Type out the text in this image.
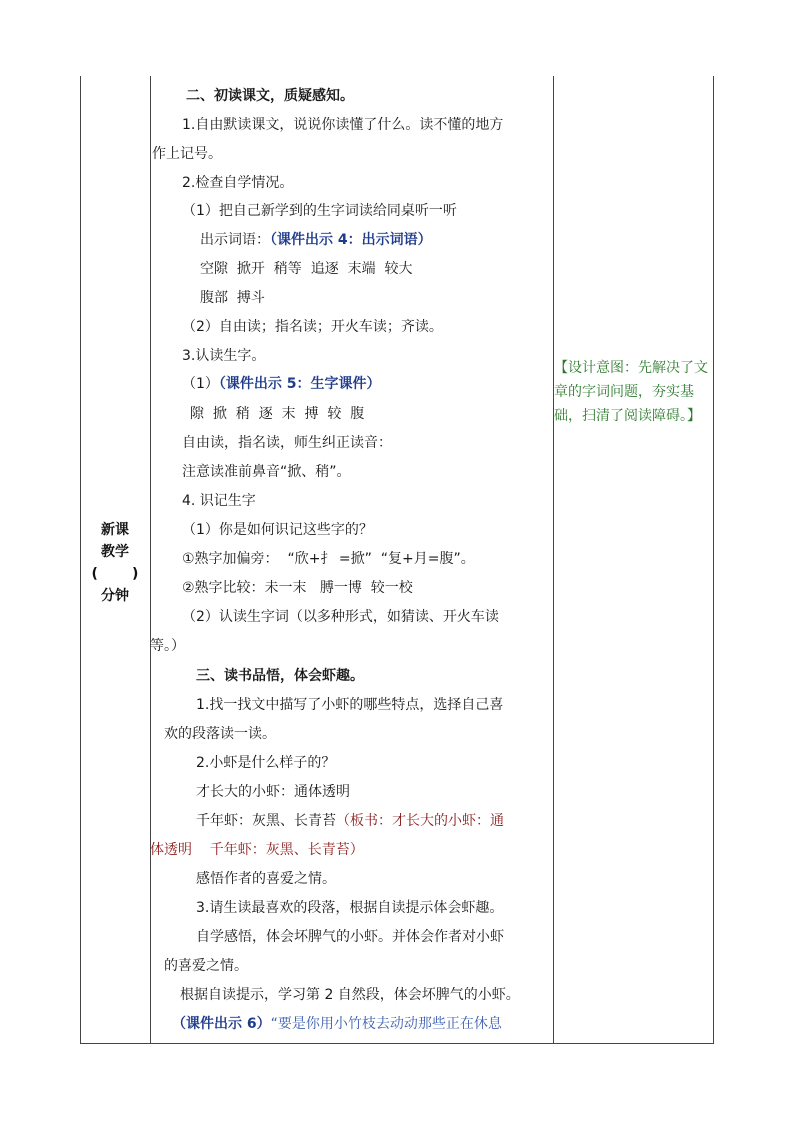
新课
教学
(       )
分钟
二、初读课文，质疑感知。
1.自由默读课文，说说你读懂了什么。读不懂的地方
作上记号。
2.检查自学情况。
（1）把自己新学到的生字词读给同桌听一听
出示词语：（课件出示 4：出示词语）
空隙  掀开  稍等  追逐  末端  较大
腹部  搏斗
（2）自由读；指名读；开火车读；齐读。
3.认读生字。
（1）（课件出示 5：生字课件）
隙  掀  稍  逐  末  搏  较  腹
自由读，指名读，师生纠正读音：
注意读准前鼻音“掀、稍”。
4. 识记生字
（1）你是如何识记这些字的？
①熟字加偏旁：  “欣+扌 =掀”  “复+月=腹”。
②熟字比较：未一末   膊一博  较一校
（2）认读生字词（以多种形式，如猜读、开火车读
等。）
三、读书品悟，体会虾趣。
1.找一找文中描写了小虾的哪些特点，选择自己喜
欢的段落读一读。
2.小虾是什么样子的？
才长大的小虾：通体透明
千年虾：灰黑、长青苔（板书：才长大的小虾：通
体透明    千年虾：灰黑、长青苔）
感悟作者的喜爱之情。
3.请生读最喜欢的段落，根据自读提示体会虾趣。
自学感悟，体会坏脾气的小虾。并体会作者对小虾
的喜爱之情。
根据自读提示，学习第 2 自然段，体会坏脾气的小虾。
（课件出示 6）“要是你用小竹枝去动动那些正在休息
【设计意图：先解决了文章的字词问题，夯实基础，扫清了阅读障碍。】
